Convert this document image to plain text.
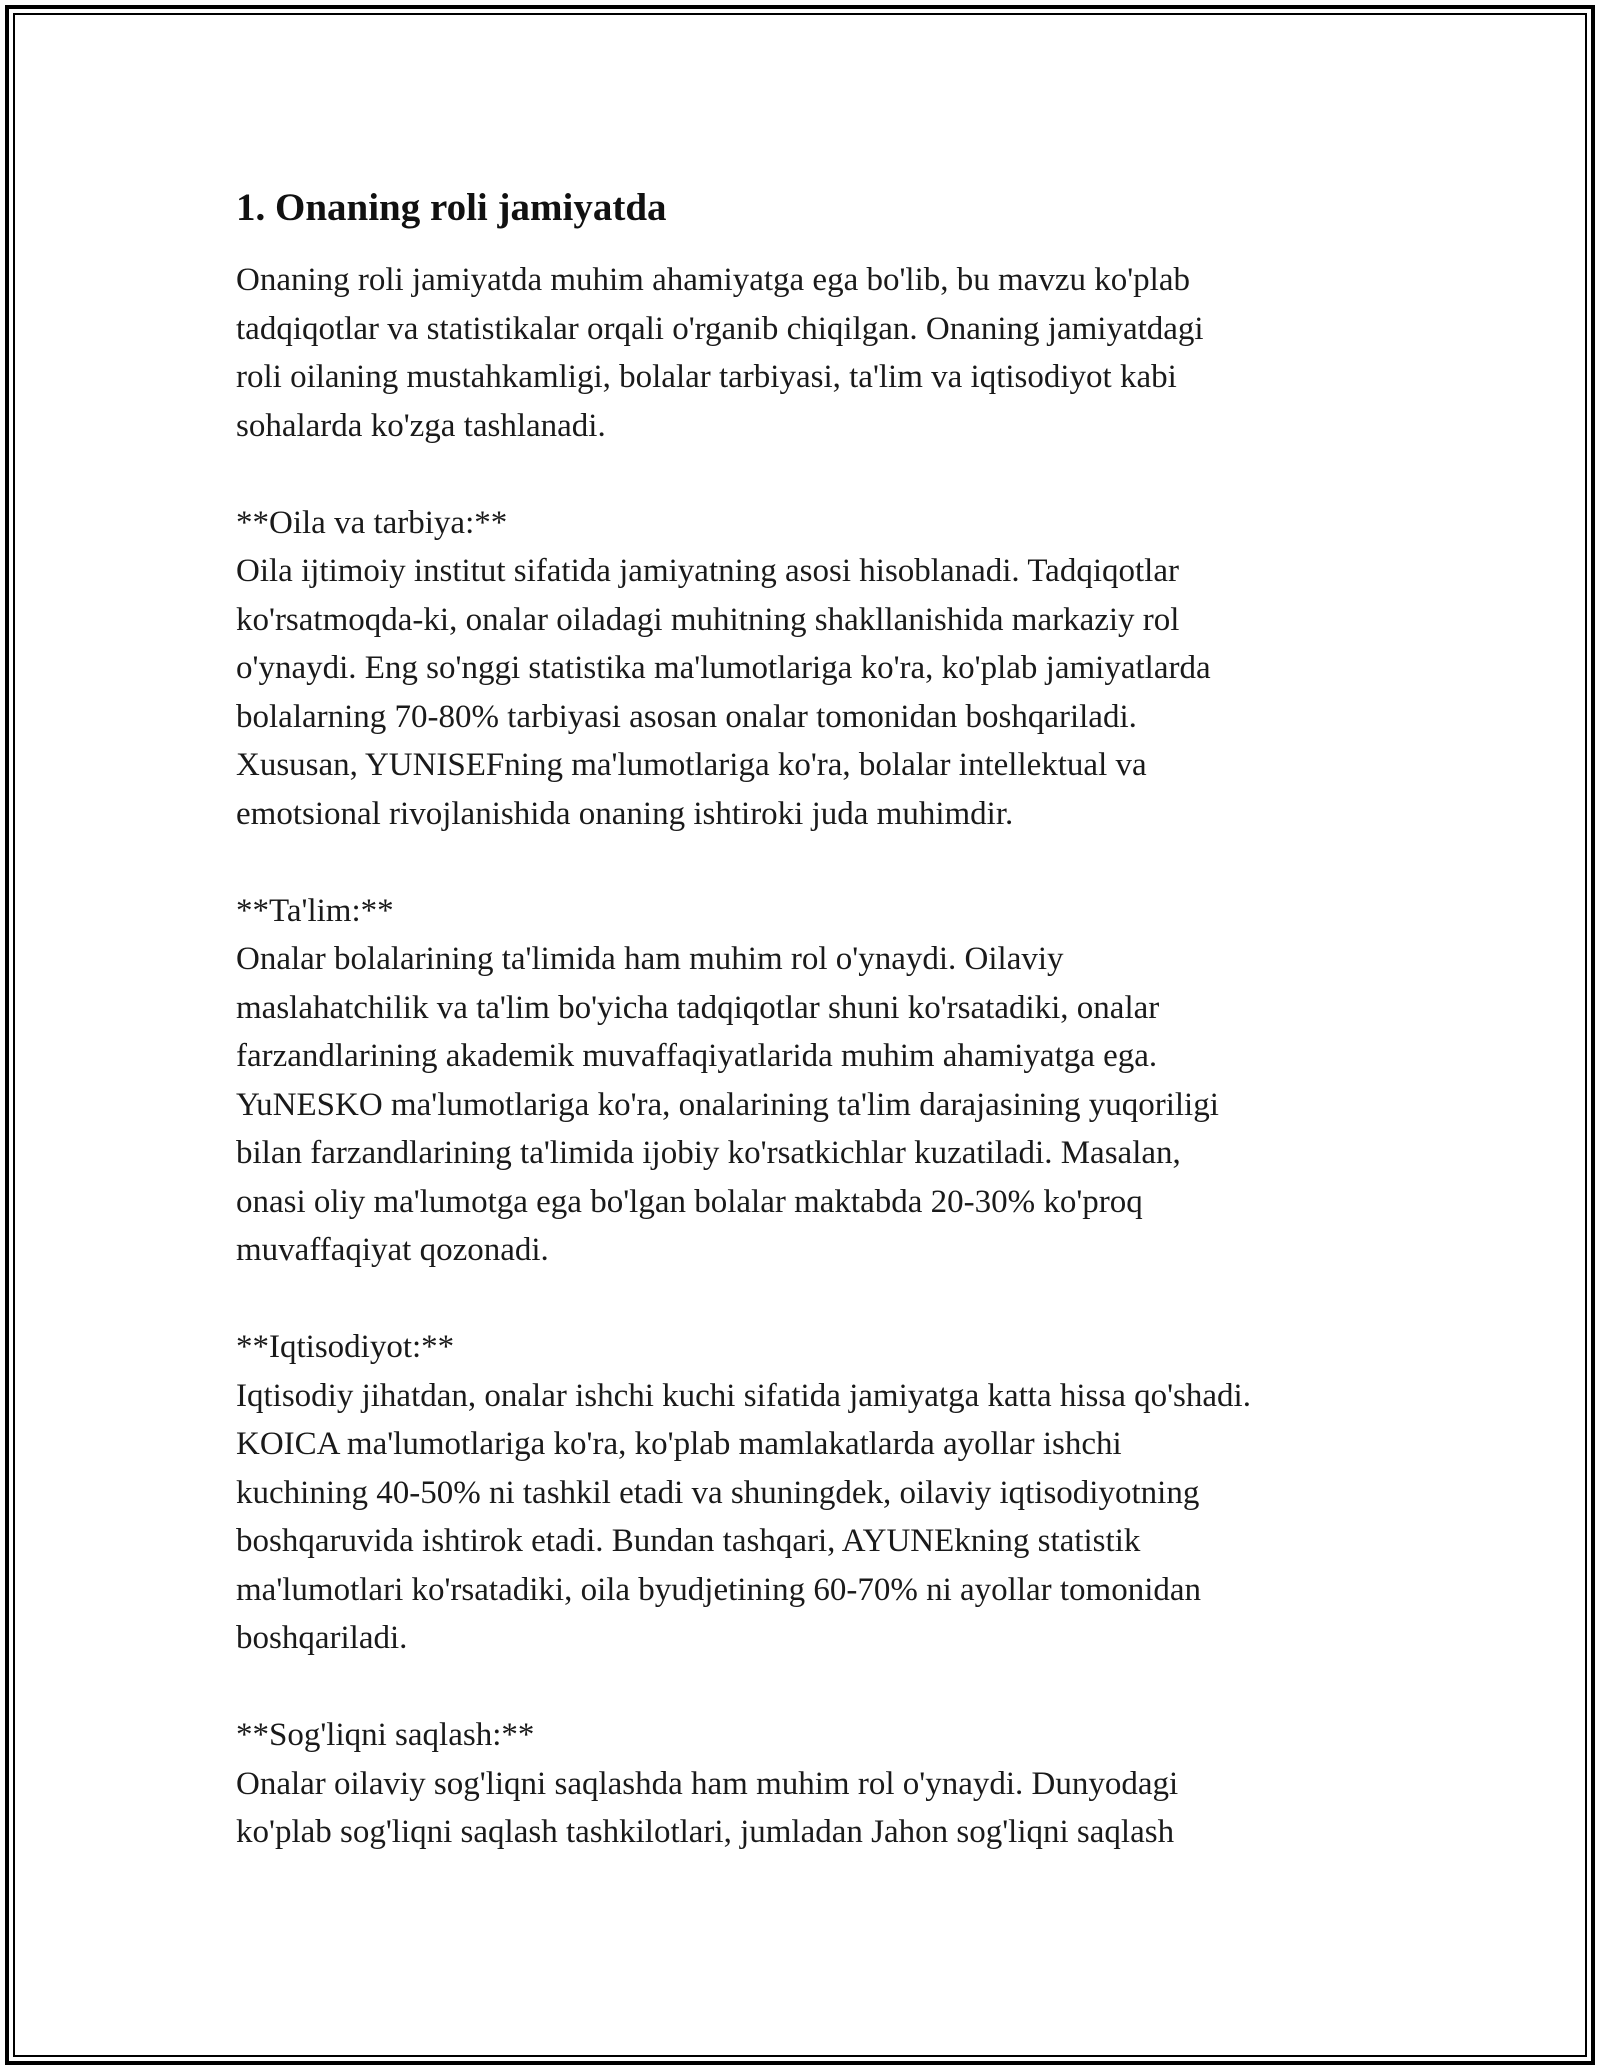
1. Onaning roli jamiyatda

Onaning roli jamiyatda muhim ahamiyatga ega bo'lib, bu mavzu ko'plab
tadqiqotlar va statistikalar orqali o'rganib chiqilgan. Onaning jamiyatdagi
roli oilaning mustahkamligi, bolalar tarbiyasi, ta'lim va iqtisodiyot kabi
sohalarda ko'zga tashlanadi.

**Oila va tarbiya:**
Oila ijtimoiy institut sifatida jamiyatning asosi hisoblanadi. Tadqiqotlar
ko'rsatmoqda-ki, onalar oiladagi muhitning shakllanishida markaziy rol
o'ynaydi. Eng so'nggi statistika ma'lumotlariga ko'ra, ko'plab jamiyatlarda
bolalarning 70-80% tarbiyasi asosan onalar tomonidan boshqariladi.
Xususan, YUNISEFning ma'lumotlariga ko'ra, bolalar intellektual va
emotsional rivojlanishida onaning ishtiroki juda muhimdir.
**Ta'lim:**
Onalar bolalarining ta'limida ham muhim rol o'ynaydi. Oilaviy
maslahatchilik va ta'lim bo'yicha tadqiqotlar shuni ko'rsatadiki, onalar
farzandlarining akademik muvaffaqiyatlarida muhim ahamiyatga ega.
YuNESKO ma'lumotlariga ko'ra, onalarining ta'lim darajasining yuqoriligi
bilan farzandlarining ta'limida ijobiy ko'rsatkichlar kuzatiladi. Masalan,
onasi oliy ma'lumotga ega bo'lgan bolalar maktabda 20-30% ko'proq
muvaffaqiyat qozonadi.
**Iqtisodiyot:**
Iqtisodiy jihatdan, onalar ishchi kuchi sifatida jamiyatga katta hissa qo'shadi.
KOICA ma'lumotlariga ko'ra, ko'plab mamlakatlarda ayollar ishchi
kuchining 40-50% ni tashkil etadi va shuningdek, oilaviy iqtisodiyotning
boshqaruvida ishtirok etadi. Bundan tashqari, AYUNEkning statistik
ma'lumotlari ko'rsatadiki, oila byudjetining 60-70% ni ayollar tomonidan
boshqariladi.
**Sog'liqni saqlash:**
Onalar oilaviy sog'liqni saqlashda ham muhim rol o'ynaydi. Dunyodagi
ko'plab sog'liqni saqlash tashkilotlari, jumladan Jahon sog'liqni saqlash
